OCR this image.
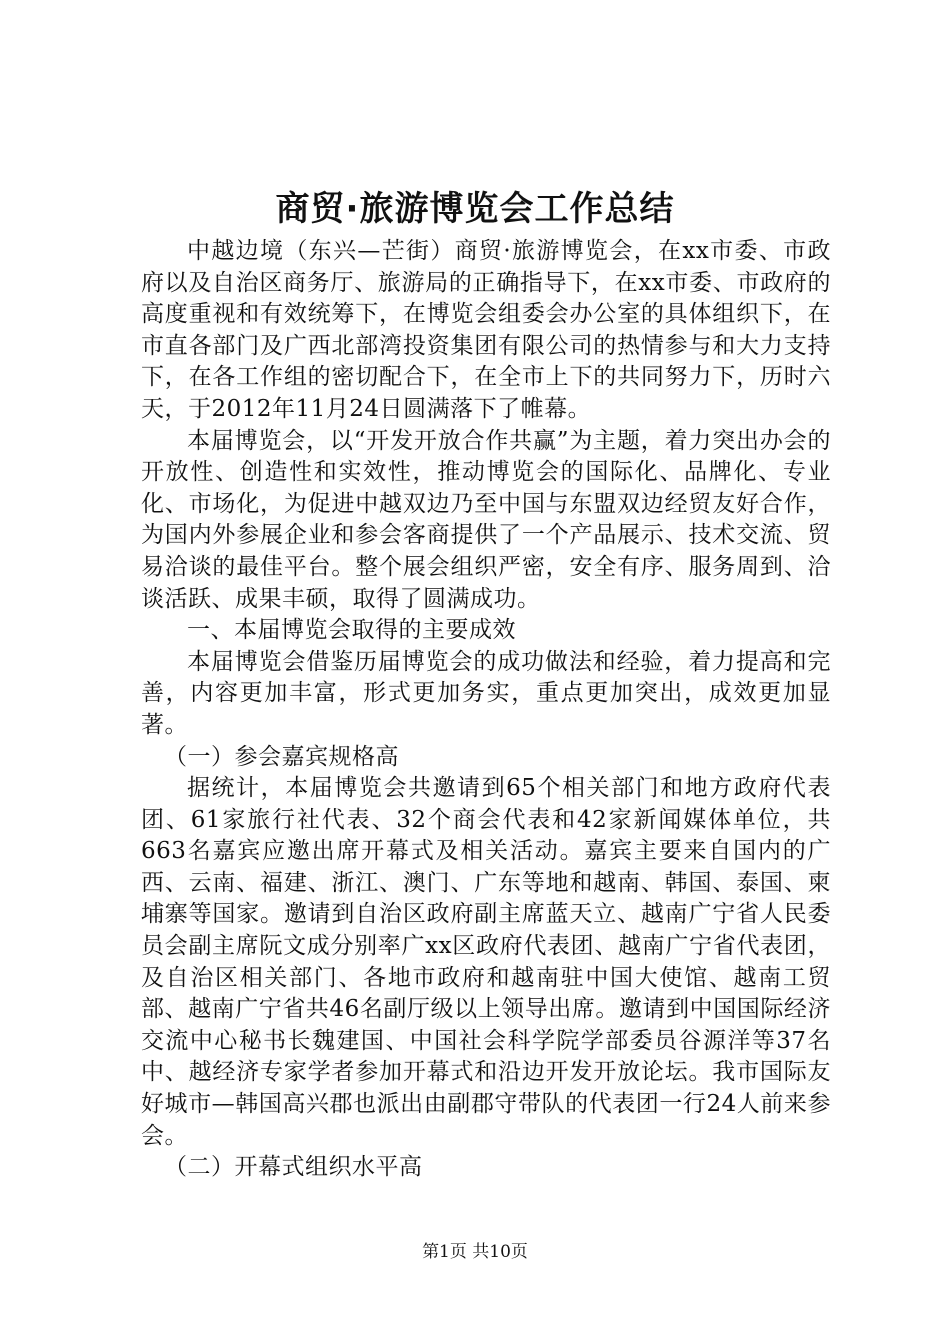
商贸·旅游博览会工作总结

中越边境（东兴—芒街）商贸·旅游博览会，在xx市委、市政府以及自治区商务厅、旅游局的正确指导下，在xx市委、市政府的高度重视和有效统筹下，在博览会组委会办公室的具体组织下，在市直各部门及广西北部湾投资集团有限公司的热情参与和大力支持下，在各工作组的密切配合下，在全市上下的共同努力下，历时六天，于2012年11月24日圆满落下了帷幕。

本届博览会，以“开发开放合作共赢”为主题，着力突出办会的开放性、创造性和实效性，推动博览会的国际化、品牌化、专业化、市场化，为促进中越双边乃至中国与东盟双边经贸友好合作，为国内外参展企业和参会客商提供了一个产品展示、技术交流、贸易洽谈的最佳平台。整个展会组织严密，安全有序、服务周到、洽谈活跃、成果丰硕，取得了圆满成功。

一、本届博览会取得的主要成效

本届博览会借鉴历届博览会的成功做法和经验，着力提高和完善，内容更加丰富，形式更加务实，重点更加突出，成效更加显著。

（一）参会嘉宾规格高

据统计，本届博览会共邀请到65个相关部门和地方政府代表团、61家旅行社代表、32个商会代表和42家新闻媒体单位，共663名嘉宾应邀出席开幕式及相关活动。嘉宾主要来自国内的广西、云南、福建、浙江、澳门、广东等地和越南、韩国、泰国、柬埔寨等国家。邀请到自治区政府副主席蓝天立、越南广宁省人民委员会副主席阮文成分别率广xx区政府代表团、越南广宁省代表团，及自治区相关部门、各地市政府和越南驻中国大使馆、越南工贸部、越南广宁省共46名副厅级以上领导出席。邀请到中国国际经济交流中心秘书长魏建国、中国社会科学院学部委员谷源洋等37名中、越经济专家学者参加开幕式和沿边开发开放论坛。我市国际友好城市—韩国高兴郡也派出由副郡守带队的代表团一行24人前来参会。

（二）开幕式组织水平高

第1页 共10页
